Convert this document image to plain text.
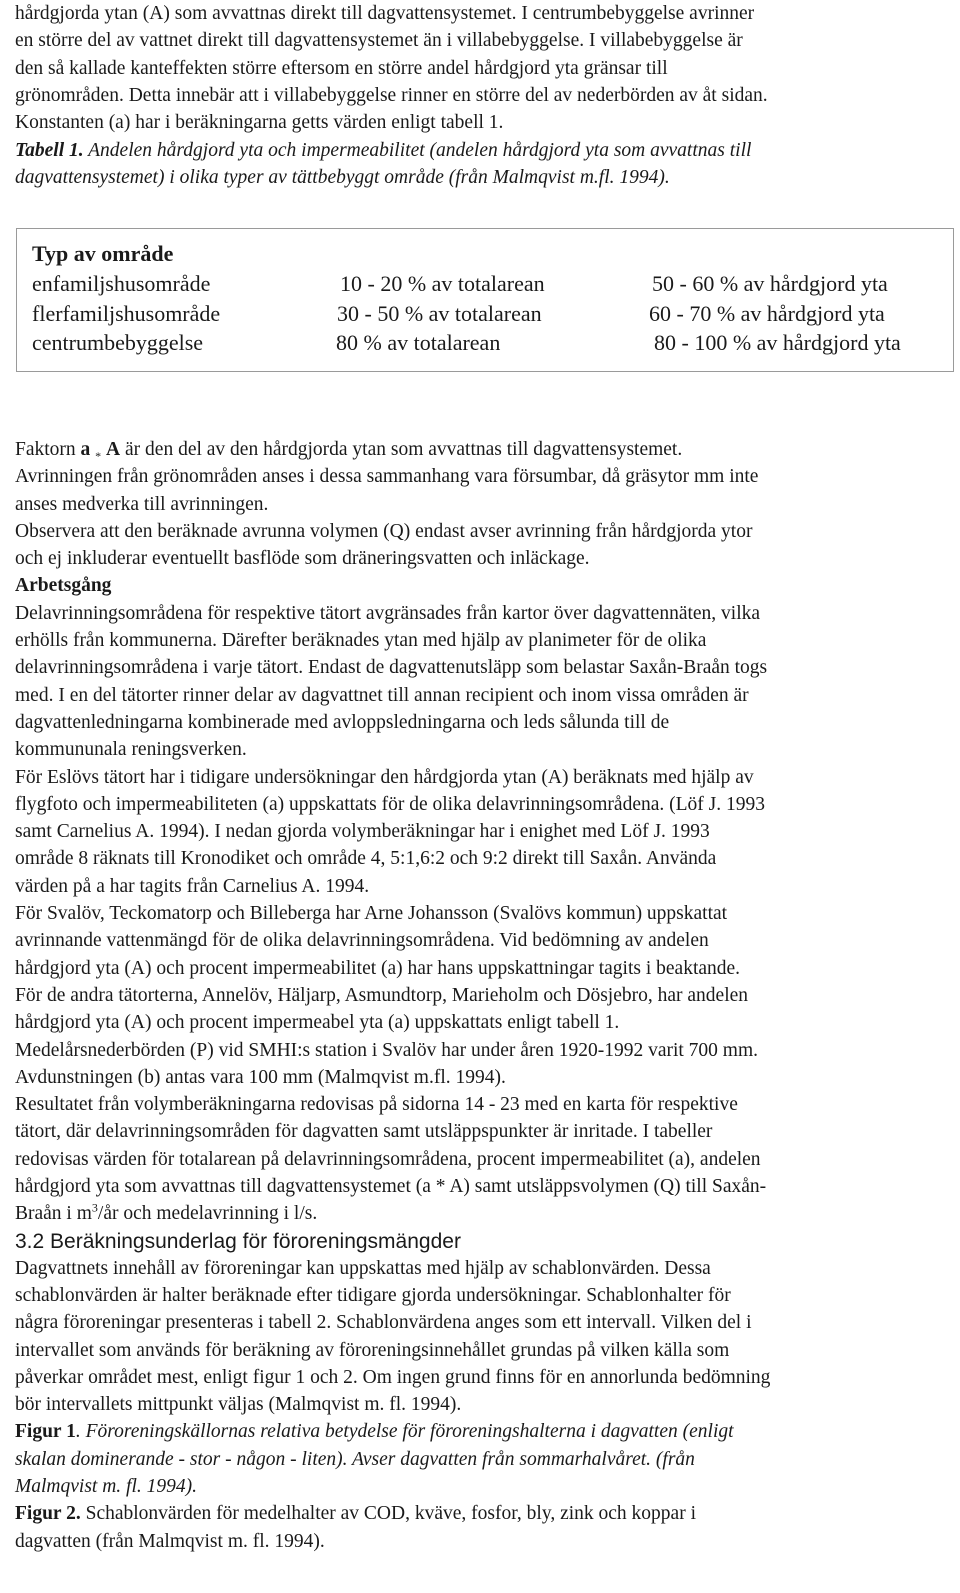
hårdgjorda ytan (A) som avvattnas direkt till dagvattensystemet. I centrumbebyggelse avrinner

en större del av vattnet direkt till dagvattensystemet än i villabebyggelse. I villabebyggelse är

den så kallade kanteffekten större eftersom en större andel hårdgjord yta gränsar till

grönområden. Detta innebär att i villabebyggelse rinner en större del av nederbörden av åt sidan.

Konstanten (a) har i beräkningarna getts värden enligt tabell 1.

Tabell 1. Andelen hårdgjord yta och impermeabilitet (andelen hårdgjord yta som avvattnas till

dagvattensystemet) i olika typer av tättbebyggt område (från Malmqvist m.fl. 1994).

Typ av område
enfamiljshusområde	10 - 20 % av totalarean	50 - 60 % av hårdgjord yta
flerfamiljshusområde	30 - 50 % av totalarean	60 - 70 % av hårdgjord yta
centrumbebyggelse	80 % av totalarean	80 - 100 % av hårdgjord yta

Faktorn a $_*$ A är den del av den hårdgjorda ytan som avvattnas till dagvattensystemet.

Avrinningen från grönområden anses i dessa sammanhang vara försumbar, då gräsytor mm inte

anses medverka till avrinningen.

Observera att den beräknade avrunna volymen (Q) endast avser avrinning från hårdgjorda ytor

och ej inkluderar eventuellt basflöde som dräneringsvatten och inläckage.

Arbetsgång

Delavrinningsområdena för respektive tätort avgränsades från kartor över dagvattennäten, vilka

erhölls från kommunerna. Därefter beräknades ytan med hjälp av planimeter för de olika

delavrinningsområdena i varje tätort. Endast de dagvattenutsläpp som belastar Saxån-Braån togs

med. I en del tätorter rinner delar av dagvattnet till annan recipient och inom vissa områden är

dagvattenledningarna kombinerade med avloppsledningarna och leds sålunda till de

kommununala reningsverken.

För Eslövs tätort har i tidigare undersökningar den hårdgjorda ytan (A) beräknats med hjälp av

flygfoto och impermeabiliteten (a) uppskattats för de olika delavrinningsområdena. (Löf J. 1993

samt Carnelius A. 1994). I nedan gjorda volymberäkningar har i enighet med Löf J. 1993

område 8 räknats till Kronodiket och område 4, 5:1,6:2 och 9:2 direkt till Saxån. Använda

värden på a har tagits från Carnelius A. 1994.

För Svalöv, Teckomatorp och Billeberga har Arne Johansson (Svalövs kommun) uppskattat

avrinnande vattenmängd för de olika delavrinningsområdena. Vid bedömning av andelen

hårdgjord yta (A) och procent impermeabilitet (a) har hans uppskattningar tagits i beaktande.

För de andra tätorterna, Annelöv, Häljarp, Asmundtorp, Marieholm och Dösjebro, har andelen

hårdgjord yta (A) och procent impermeabel yta (a) uppskattats enligt tabell 1.

Medelårsnederbörden (P) vid SMHI:s station i Svalöv har under åren 1920-1992 varit 700 mm.

Avdunstningen (b) antas vara 100 mm (Malmqvist m.fl. 1994).

Resultatet från volymberäkningarna redovisas på sidorna 14 - 23 med en karta för respektive

tätort, där delavrinningsområden för dagvatten samt utsläppspunkter är inritade. I tabeller

redovisas värden för totalarean på delavrinningsområdena, procent impermeabilitet (a), andelen

hårdgjord yta som avvattnas till dagvattensystemet (a * A) samt utsläppsvolymen (Q) till Saxån-

Braån i $m^3/år$ och medelavrinning i l/s.

3.2 Beräkningsunderlag för föroreningsmängder

Dagvattnets innehåll av föroreningar kan uppskattas med hjälp av schablonvärden. Dessa

schablonvärden är halter beräknade efter tidigare gjorda undersökningar. Schablonhalter för

några föroreningar presenteras i tabell 2. Schablonvärdena anges som ett intervall. Vilken del i

intervallet som används för beräkning av föroreningsinnehållet grundas på vilken källa som

påverkar området mest, enligt figur 1 och 2. Om ingen grund finns för en annorlunda bedömning

bör intervallets mittpunkt väljas (Malmqvist m. fl. 1994).

Figur 1. Föroreningskällornas relativa betydelse för föroreningshalterna i dagvatten (enligt

skalan dominerande - stor - någon - liten). Avser dagvatten från sommarhalvåret. (från

Malmqvist m. fl. 1994).

Figur 2. Schablonvärden för medelhalter av COD, kväve, fosfor, bly, zink och koppar i

dagvatten (från Malmqvist m. fl. 1994).
